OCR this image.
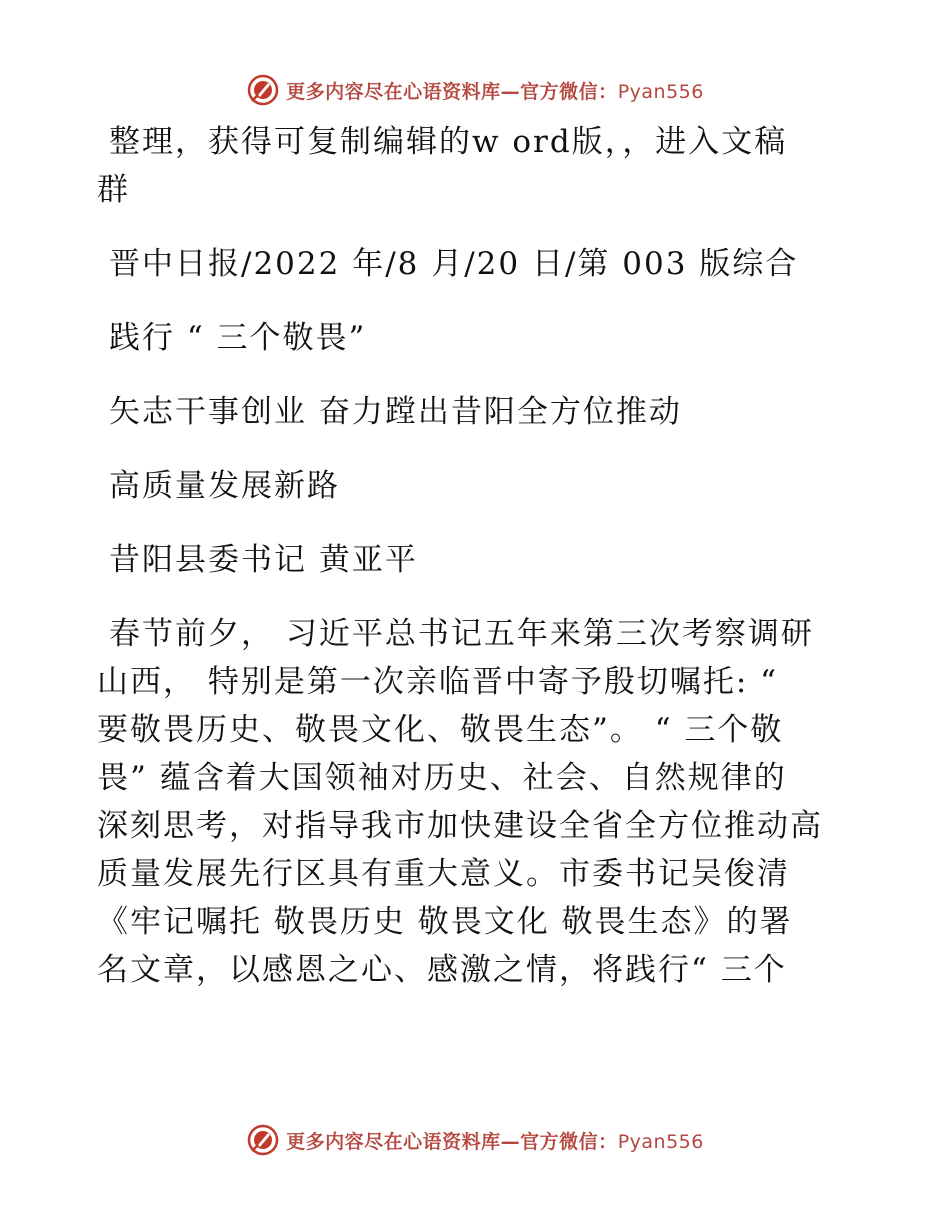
更多内容尽在心语资料库—官方微信：Pyan556
整理，获得可复制编辑的w ord版，，进入文稿
群
晋中日报/2022 年/8 月/20 日/第 003 版综合
践行 “ 三个敬畏”
矢志干事创业 奋力蹚出昔阳全方位推动
高质量发展新路
昔阳县委书记 黄亚平
春节前夕， 习近平总书记五年来第三次考察调研
山西， 特别是第一次亲临晋中寄予殷切嘱托: “
要敬畏历史、敬畏文化、敬畏生态”。 “ 三个敬
畏” 蕴含着大国领袖对历史、社会、自然规律的
深刻思考，对指导我市加快建设全省全方位推动高
质量发展先行区具有重大意义。市委书记吴俊清
《牢记嘱托 敬畏历史 敬畏文化 敬畏生态》的署
名文章，以感恩之心、感激之情，将践行“ 三个
更多内容尽在心语资料库—官方微信：Pyan556
